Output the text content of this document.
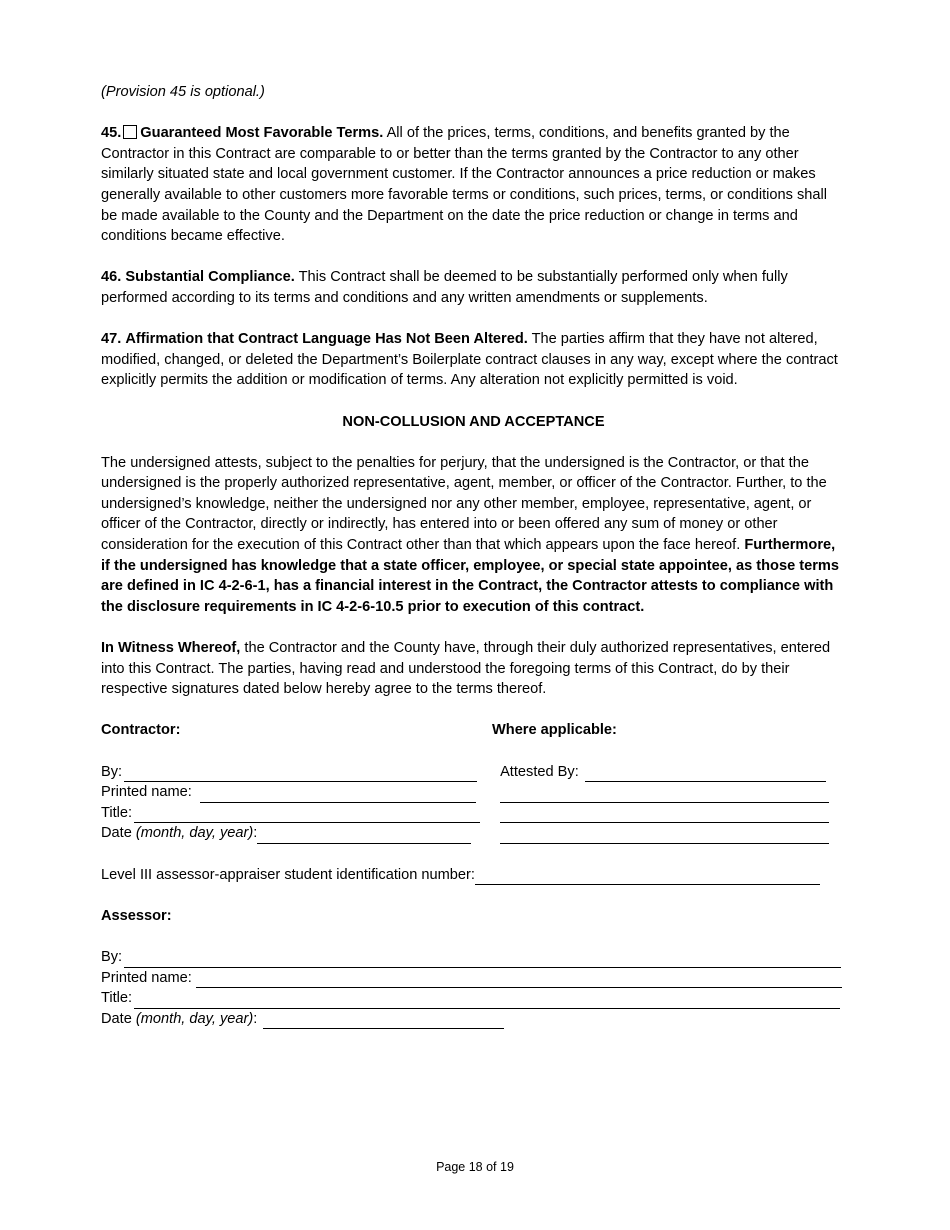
(Provision 45 is optional.)

45. Guaranteed Most Favorable Terms. All of the prices, terms, conditions, and benefits granted by the Contractor in this Contract are comparable to or better than the terms granted by the Contractor to any other similarly situated state and local government customer. If the Contractor announces a price reduction or makes generally available to other customers more favorable terms or conditions, such prices, terms, or conditions shall be made available to the County and the Department on the date the price reduction or change in terms and conditions became effective.

46. Substantial Compliance. This Contract shall be deemed to be substantially performed only when fully performed according to its terms and conditions and any written amendments or supplements.

47. Affirmation that Contract Language Has Not Been Altered. The parties affirm that they have not altered, modified, changed, or deleted the Department’s Boilerplate contract clauses in any way, except where the contract explicitly permits the addition or modification of terms. Any alteration not explicitly permitted is void.

NON-COLLUSION AND ACCEPTANCE

The undersigned attests, subject to the penalties for perjury, that the undersigned is the Contractor, or that the undersigned is the properly authorized representative, agent, member, or officer of the Contractor. Further, to the undersigned’s knowledge, neither the undersigned nor any other member, employee, representative, agent, or officer of the Contractor, directly or indirectly, has entered into or been offered any sum of money or other consideration for the execution of this Contract other than that which appears upon the face hereof. Furthermore, if the undersigned has knowledge that a state officer, employee, or special state appointee, as those terms are defined in IC 4-2-6-1, has a financial interest in the Contract, the Contractor attests to compliance with the disclosure requirements in IC 4-2-6-10.5 prior to execution of this contract.

In Witness Whereof, the Contractor and the County have, through their duly authorized representatives, entered into this Contract. The parties, having read and understood the foregoing terms of this Contract, do by their respective signatures dated below hereby agree to the terms thereof.

Contractor:	Where applicable:
By:
Printed name:
Title:
Date
(month, day, year) :
Attested By:
Level III assessor-appraiser student identification number:

Assessor:

By:
Printed name:
Title:
Date
(month, day, year) :
Page 18 of 19
